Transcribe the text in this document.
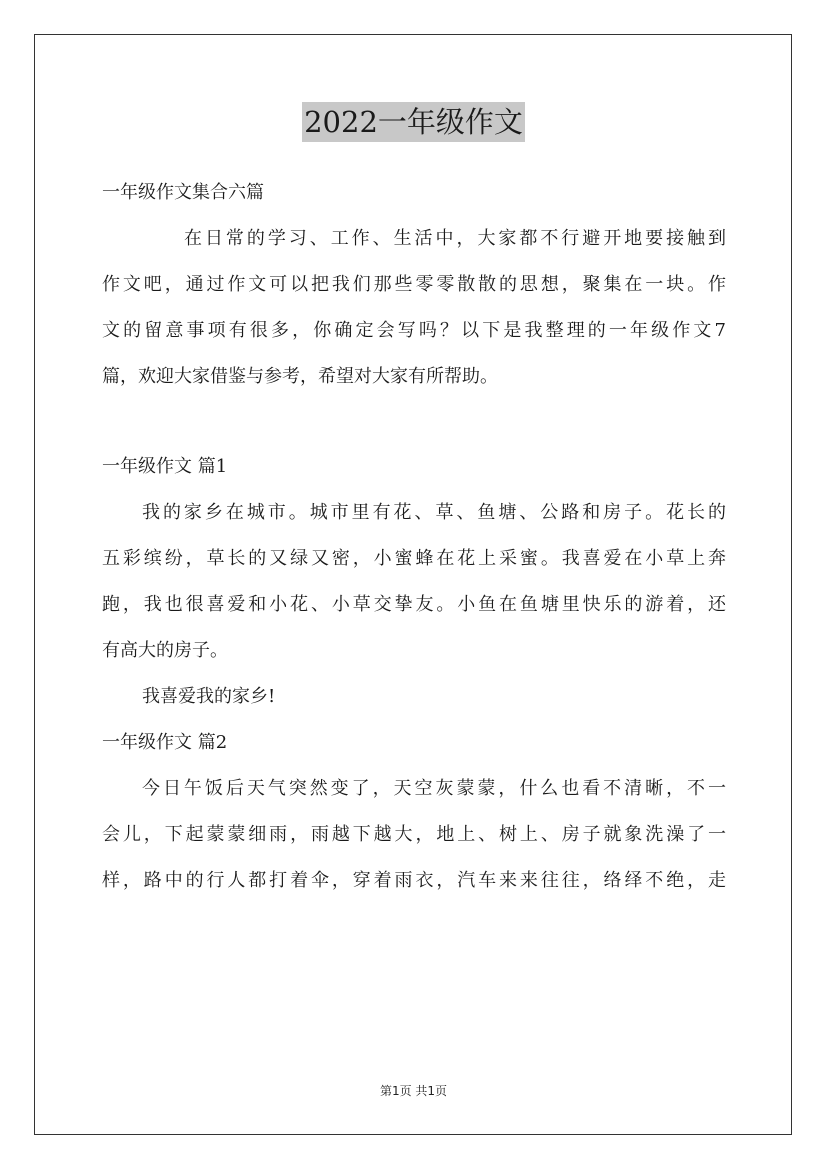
2022一年级作文
一年级作文集合六篇
在日常的学习、工作、生活中，大家都不行避开地要接触到
作文吧，通过作文可以把我们那些零零散散的思想，聚集在一块。作
文的留意事项有很多，你确定会写吗？以下是我整理的一年级作文7
篇，欢迎大家借鉴与参考，希望对大家有所帮助。
一年级作文 篇1
我的家乡在城市。城市里有花、草、鱼塘、公路和房子。花长的
五彩缤纷，草长的又绿又密，小蜜蜂在花上采蜜。我喜爱在小草上奔
跑，我也很喜爱和小花、小草交挚友。小鱼在鱼塘里快乐的游着，还
有高大的房子。
我喜爱我的家乡!
一年级作文 篇2
今日午饭后天气突然变了，天空灰蒙蒙，什么也看不清晰，不一
会儿，下起蒙蒙细雨，雨越下越大，地上、树上、房子就象洗澡了一
样，路中的行人都打着伞，穿着雨衣，汽车来来往往，络绎不绝，走
第1页 共1页
